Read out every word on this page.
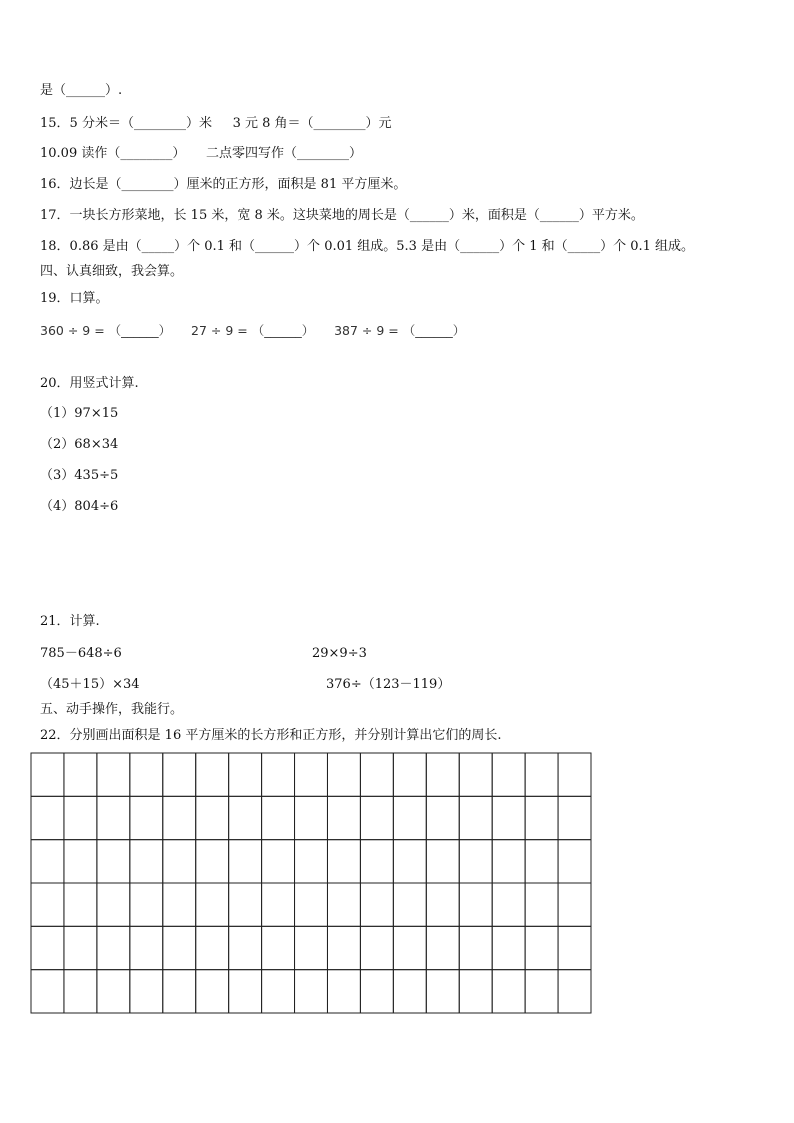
是（______）.
15．5 分米＝（________）米     3 元 8 角＝（________）元
10.09 读作（________）     二点零四写作（________）
16．边长是（________）厘米的正方形，面积是 81 平方厘米。
17．一块长方形菜地，长 15 米，宽 8 米。这块菜地的周长是（______）米，面积是（______）平方米。
18．0.86 是由（_____）个 0.1 和（______）个 0.01 组成。5.3 是由（______）个 1 和（_____）个 0.1 组成。
四、认真细致，我会算。
19．口算。
360 ÷ 9 = （______）     27 ÷ 9 = （______）     387 ÷ 9 = （______）
20．用竖式计算.
（1）97×15
（2）68×34
（3）435÷5
（4）804÷6
21．计算.
785－648÷6	29×9÷3
（45＋15）×34	376÷（123－119）
五、动手操作，我能行。
22．分别画出面积是 16 平方厘米的长方形和正方形，并分别计算出它们的周长.
